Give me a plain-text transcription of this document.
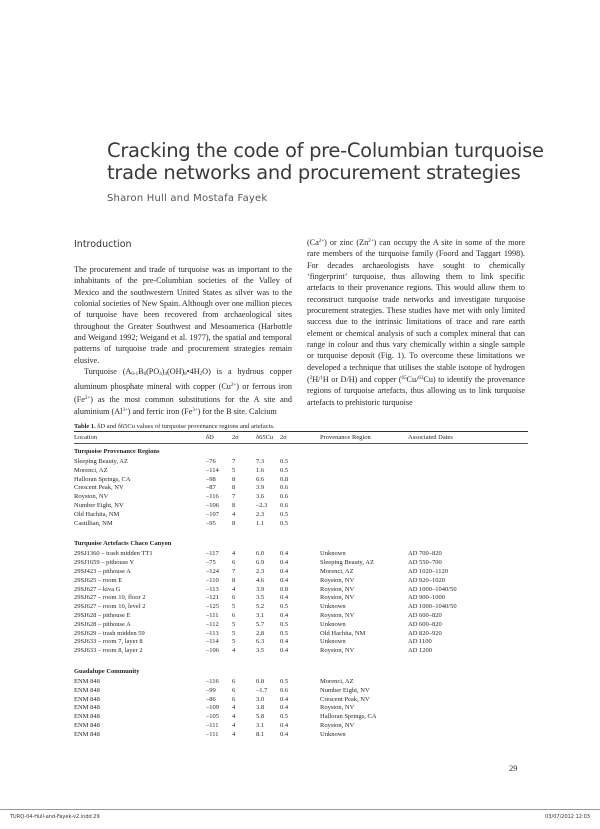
Cracking the code of pre-Columbian turquoise trade networks and procurement strategies
Sharon Hull and Mostafa Fayek
Introduction

The procurement and trade of turquoise was as important to the inhabitants of the pre-Columbian societies of the Valley of Mexico and the southwestern United States as silver was to the colonial societies of New Spain. Although over one million pieces of turquoise have been recovered from archaeological sites throughout the Greater Southwest and Mesoamerica (Harbottle and Weigand 1992; Weigand et al. 1977), the spatial and temporal patterns of turquoise trade and procurement strategies remain elusive.

Turquoise $(A_{0-1}B_6(PO_4)_4(OH)_8•4H_2O)$ is a hydrous copper aluminum phosphate mineral with copper $(Cu^{2+})$ or ferrous iron $(Fe^{2+})$ as the most common substitutions for the A site and aluminium $(Al^{3+})$ and ferric iron $(Fe^{3+})$ for the B site. Calcium

$(Ca^{2+})$ or zinc $(Zn^{2+})$ can occupy the A site in some of the more rare members of the turquoise family (Foord and Taggart 1998). For decades archaeologists have sought to chemically ‘fingerprint’ turquoise, thus allowing them to link specific artefacts to their provenance regions. This would allow them to reconstruct turquoise trade networks and investigate turquoise procurement strategies. These studies have met with only limited success due to the intrinsic limitations of trace and rare earth element or chemical analysis of such a complex mineral that can range in colour and thus vary chemically within a single sample or turquoise deposit (Fig. 1). To overcome these limitations we developed a technique that utilises the stable isotope of hydrogen ($^2$H/$^1$H or D/H) and copper ($^{65}$Cu/$^{63}$Cu) to identify the provenance regions of turquoise artefacts, thus allowing us to link turquoise artefacts to prehistoric turquoise

Table 1. δD and δ65Cu values of turquoise provenance regions and artefacts.
Location	δD	2σ	δ65Cu	2σ	Provenance Region	Associated Dates
Turquoise Provenance Regions						
Sleeping Beauty, AZ	–76	7	7.3	0.5		
Morenci, AZ	–114	5	1.6	0.5		
Halloran Springs, CA	–98	8	6.6	0.8		
Crescent Peak, NV	–87	8	3.9	0.6		
Royston, NV	–116	7	3.6	0.6		
Number Eight, NV	–106	8	–2.3	0.6		
Old Hachita, NM	–107	4	2.3	0.5		
Castillian, NM	–95	8	1.1	0.5		

Turquoise Artefacts Chaco Canyon						
29SJ1360 – trash midden TT1	–117	4	6.0	0.4	Unknown	AD 700–820
29SJ1659 – pithouse Y	–75	6	6.9	0.4	Sleeping Beauty, AZ	AD 550–700
29SJ423 – pithouse A	–124	7	2.3	0.4	Morenci, AZ	AD 1020–1120
29SJ625 – room E	–110	8	4.6	0.4	Royston, NV	AD 920–1020
29SJ627 – kiva G	–113	4	3.9	0.8	Royston, NV	AD 1000–1040/50
29SJ627 – room 10, floor 2	–121	6	3.5	0.4	Royston, NV	AD 900–1000
29SJ627 – room 10, level 2	–125	5	5.2	0.5	Unknown	AD 1000–1040/50
29SJ628 – pithouse E	–111	6	3.1	0.4	Royston, NV	AD 600–820
29SJ628 – pithouse A	–112	5	5.7	0.5	Unknown	AD 600–820
29SJ629 – trash midden 59	–113	5	2.8	0.5	Old Hachita, NM	AD 820–920
29SJ633 – room 7, layer 8	–114	5	6.3	0.4	Unknown	AD 1100
29SJ633 – room 8, layer 2	–106	4	3.5	0.4	Royston, NV	AD 1200

Guadalupe Community						
ENM 848	–116	6	0.8	0.5	Morenci, AZ	
ENM 848	–99	6	–1.7	0.6	Number Eight, NV	
ENM 848	–86	6	3.0	0.4	Crescent Peak, NV	
ENM 848	–109	4	3.8	0.4	Royston, NV	
ENM 848	–105	4	5.8	0.5	Halloran Springs, CA	
ENM 848	–111	4	3.1	0.4	Royston, NV	
ENM 848	–111	4	8.1	0.4	Unknown	
29
TURQ-04-Hull-and-Fayek-v2.indd 29	03/07/2012 12:03
